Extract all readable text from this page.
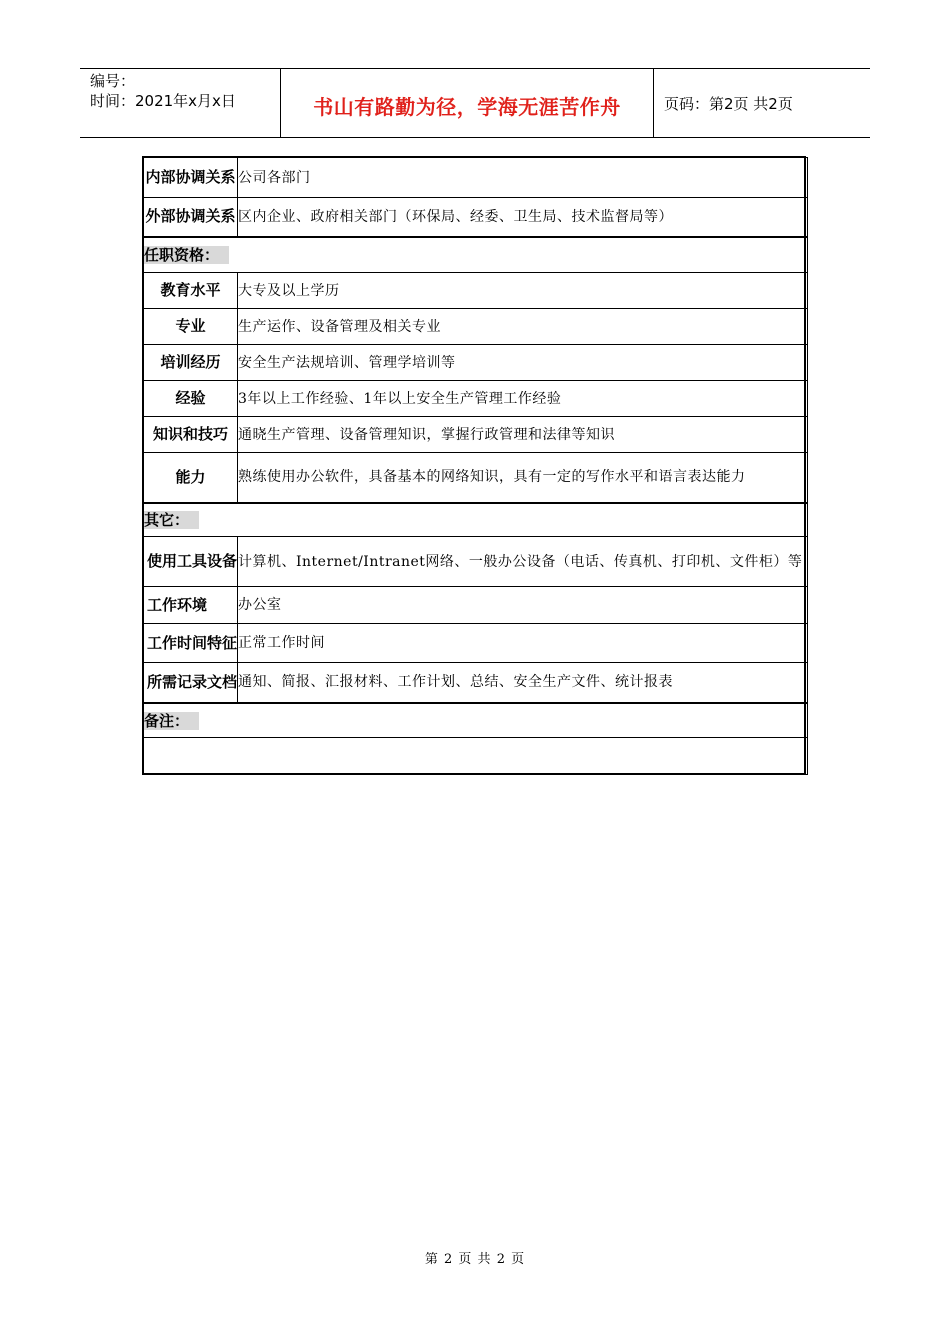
编号：
时间：2021年x月x日	书山有路勤为径，学海无涯苦作舟	页码：第2页 共2页
内部协调关系	公司各部门
外部协调关系	区内企业、政府相关部门（环保局、经委、卫生局、技术监督局等）
任职资格：	
教育水平	大专及以上学历
专业	生产运作、设备管理及相关专业
培训经历	安全生产法规培训、管理学培训等
经验	3年以上工作经验、1年以上安全生产管理工作经验
知识和技巧	通晓生产管理、设备管理知识，掌握行政管理和法律等知识
能力	熟练使用办公软件，具备基本的网络知识，具有一定的写作水平和语言表达能力
其它：	
使用工具设备	计算机、Internet/Intranet网络、一般办公设备（电话、传真机、打印机、文件柜）等
工作环境	办公室
工作时间特征	正常工作时间
所需记录文档	通知、简报、汇报材料、工作计划、总结、安全生产文件、统计报表
备注：	

第 2 页 共 2 页
